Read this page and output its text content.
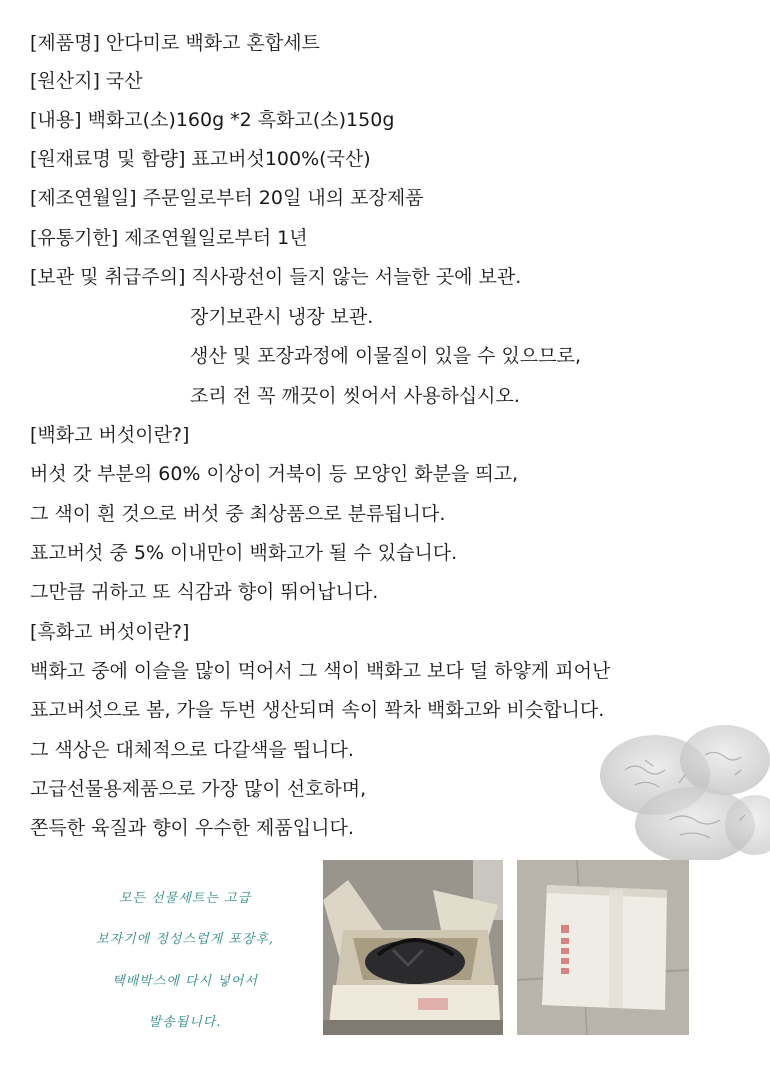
[제품명] 안다미로 백화고 혼합세트
[원산지] 국산
[내용] 백화고(소)160g *2 흑화고(소)150g
[원재료명 및 함량] 표고버섯100%(국산)
[제조연월일] 주문일로부터 20일 내의 포장제품
[유통기한] 제조연월일로부터 1년
[보관 및 취급주의] 직사광선이 들지 않는 서늘한 곳에 보관.
장기보관시 냉장 보관.
생산 및 포장과정에 이물질이 있을 수 있으므로,
조리 전 꼭 깨끗이 씻어서 사용하십시오.
[백화고 버섯이란?]
버섯 갓 부분의 60% 이상이 거북이 등 모양인 화분을 띄고,
그 색이 흰 것으로 버섯 중 최상품으로 분류됩니다.
표고버섯 중 5% 이내만이 백화고가 될 수 있습니다.
그만큼 귀하고 또 식감과 향이 뛰어납니다.
[흑화고 버섯이란?]
백화고 중에 이슬을 많이 먹어서 그 색이 백화고 보다 덜 하얗게 피어난
표고버섯으로 봄, 가을 두번 생산되며 속이 꽉차 백화고와 비슷합니다.
그 색상은 대체적으로 다갈색을 띕니다.
고급선물용제품으로 가장 많이 선호하며,
쫀득한 육질과 향이 우수한 제품입니다.
모든 선물세트는 고급
보자기에 정성스럽게 포장후,
택배박스에 다시 넣어서
발송됩니다.
